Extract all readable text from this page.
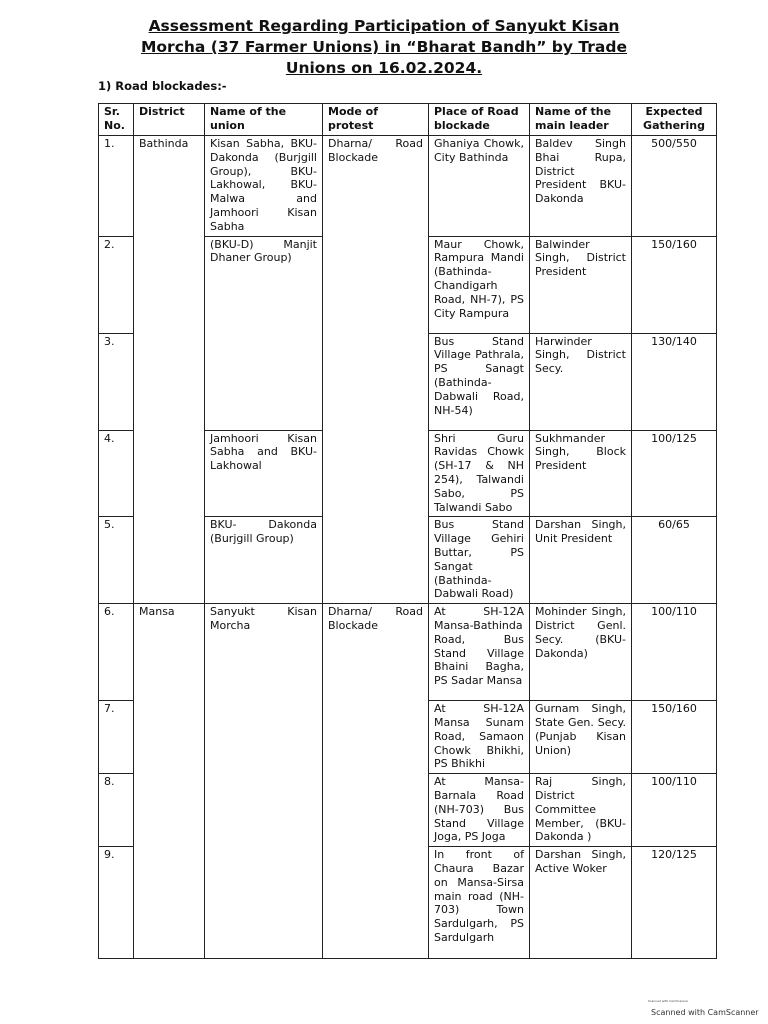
Assessment Regarding Participation of Sanyukt Kisan
Morcha (37 Farmer Unions) in “Bharat Bandh” by Trade
Unions on 16.02.2024.
1) Road blockades:-
Sr. No.	District	Name of the union	Mode of protest	Place of Road blockade	Name of the main leader	Expected Gathering
1.	Bathinda	Kisan Sabha, BKU-Dakonda (Burjgill Group), BKU-Lakhowal, BKU-Malwa and Jamhoori Kisan Sabha	Dharna/ Road Blockade	Ghaniya Chowk, City Bathinda	Baldev Singh Bhai Rupa, District President BKU-Dakonda	500/550
2.		(BKU-D) Manjit Dhaner Group)		Maur Chowk, Rampura Mandi (Bathinda-Chandigarh Road, NH-7), PS City Rampura	Balwinder Singh, District President	150/160
3.				Bus Stand Village Pathrala, PS Sanagt (Bathinda-Dabwali Road, NH-54)	Harwinder Singh, District Secy.	130/140
4.		Jamhoori Kisan Sabha and BKU-Lakhowal		Shri Guru Ravidas Chowk (SH-17 & NH 254), Talwandi Sabo, PS Talwandi Sabo	Sukhmander Singh, Block President	100/125
5.		BKU- Dakonda (Burjgill Group)		Bus Stand Village Gehiri Buttar, PS Sangat (Bathinda-Dabwali Road)	Darshan Singh, Unit President	60/65
6.	Mansa	Sanyukt Kisan Morcha	Dharna/ Road Blockade	At SH-12A Mansa-Bathinda Road, Bus Stand Village Bhaini Bagha, PS Sadar Mansa	Mohinder Singh, District Genl. Secy. (BKU-Dakonda)	100/110
7.				At SH-12A Mansa Sunam Road, Samaon Chowk Bhikhi, PS Bhikhi	Gurnam Singh, State Gen. Secy. (Punjab Kisan Union)	150/160
8.				At Mansa-Barnala Road (NH-703) Bus Stand Village Joga, PS Joga	Raj Singh, District Committee Member, (BKU-Dakonda )	100/110
9.				In front of Chaura Bazar on Mansa-Sirsa main road (NH-703) Town Sardulgarh, PS Sardulgarh	Darshan Singh, Active Woker	120/125
Scanned with CamScanner
Scanned with CamScanner
